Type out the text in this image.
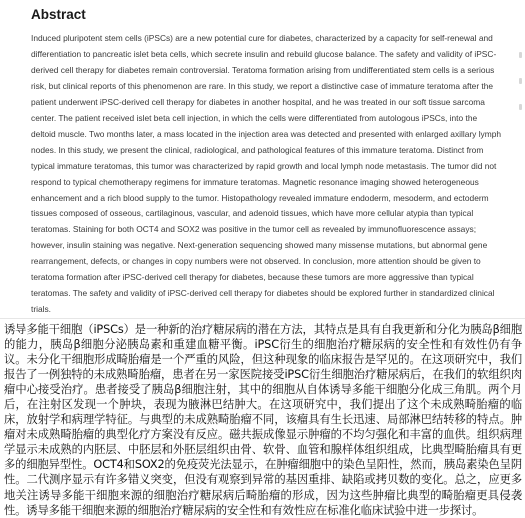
Abstract

Induced pluripotent stem cells (iPSCs) are a new potential cure for diabetes, characterized by a capacity for self-renewal and differentiation to pancreatic islet beta cells, which secrete insulin and rebuild glucose balance. The safety and validity of iPSC-derived cell therapy for diabetes remain controversial. Teratoma formation arising from undifferentiated stem cells is a serious risk, but clinical reports of this phenomenon are rare. In this study, we report a distinctive case of immature teratoma after the patient underwent iPSC-derived cell therapy for diabetes in another hospital, and he was treated in our soft tissue sarcoma center. The patient received islet beta cell injection, in which the cells were differentiated from autologous iPSCs, into the deltoid muscle. Two months later, a mass located in the injection area was detected and presented with enlarged axillary lymph nodes. In this study, we present the clinical, radiological, and pathological features of this immature teratoma. Distinct from typical immature teratomas, this tumor was characterized by rapid growth and local lymph node metastasis. The tumor did not respond to typical chemotherapy regimens for immature teratomas. Magnetic resonance imaging showed heterogeneous enhancement and a rich blood supply to the tumor. Histopathology revealed immature endoderm, mesoderm, and ectoderm tissues composed of osseous, cartilaginous, vascular, and adenoid tissues, which have more cellular atypia than typical teratomas. Staining for both OCT4 and SOX2 was positive in the tumor cell as revealed by immunofluorescence assays; however, insulin staining was negative. Next-generation sequencing showed many missense mutations, but abnormal gene rearrangement, defects, or changes in copy numbers were not observed. In conclusion, more attention should be given to teratoma formation after iPSC-derived cell therapy for diabetes, because these tumors are more aggressive than typical teratomas. The safety and validity of iPSC-derived cell therapy for diabetes should be explored further in standardized clinical trials.

诱导多能干细胞（iPSCs）是一种新的治疗糖尿病的潜在方法，其特点是具有自我更新和分化为胰岛β细胞的能力，胰岛β细胞分泌胰岛素和重建血糖平衡。iPSC衍生的细胞治疗糖尿病的安全性和有效性仍有争议。未分化干细胞形成畸胎瘤是一个严重的风险，但这种现象的临床报告是罕见的。在这项研究中，我们报告了一例独特的未成熟畸胎瘤，患者在另一家医院接受iPSC衍生细胞治疗糖尿病后，在我们的软组织肉瘤中心接受治疗。患者接受了胰岛β细胞注射，其中的细胞从自体诱导多能干细胞分化成三角肌。两个月后，在注射区发现一个肿块，表现为腋淋巴结肿大。在这项研究中，我们提出了这个未成熟畸胎瘤的临床，放射学和病理学特征。与典型的未成熟畸胎瘤不同，该瘤具有生长迅速、局部淋巴结转移的特点。肿瘤对未成熟畸胎瘤的典型化疗方案没有反应。磁共振成像显示肿瘤的不均匀强化和丰富的血供。组织病理学显示未成熟的内胚层、中胚层和外胚层组织由骨、软骨、血管和腺样体组织组成，比典型畸胎瘤具有更多的细胞异型性。OCT4和SOX2的免疫荧光法显示，在肿瘤细胞中的染色呈阳性，然而，胰岛素染色呈阴性。二代测序显示有许多错义突变，但没有观察到异常的基因重排、缺陷或拷贝数的变化。总之，应更多地关注诱导多能干细胞来源的细胞治疗糖尿病后畸胎瘤的形成，因为这些肿瘤比典型的畸胎瘤更具侵袭性。诱导多能干细胞来源的细胞治疗糖尿病的安全性和有效性应在标准化临床试验中进一步探讨。
